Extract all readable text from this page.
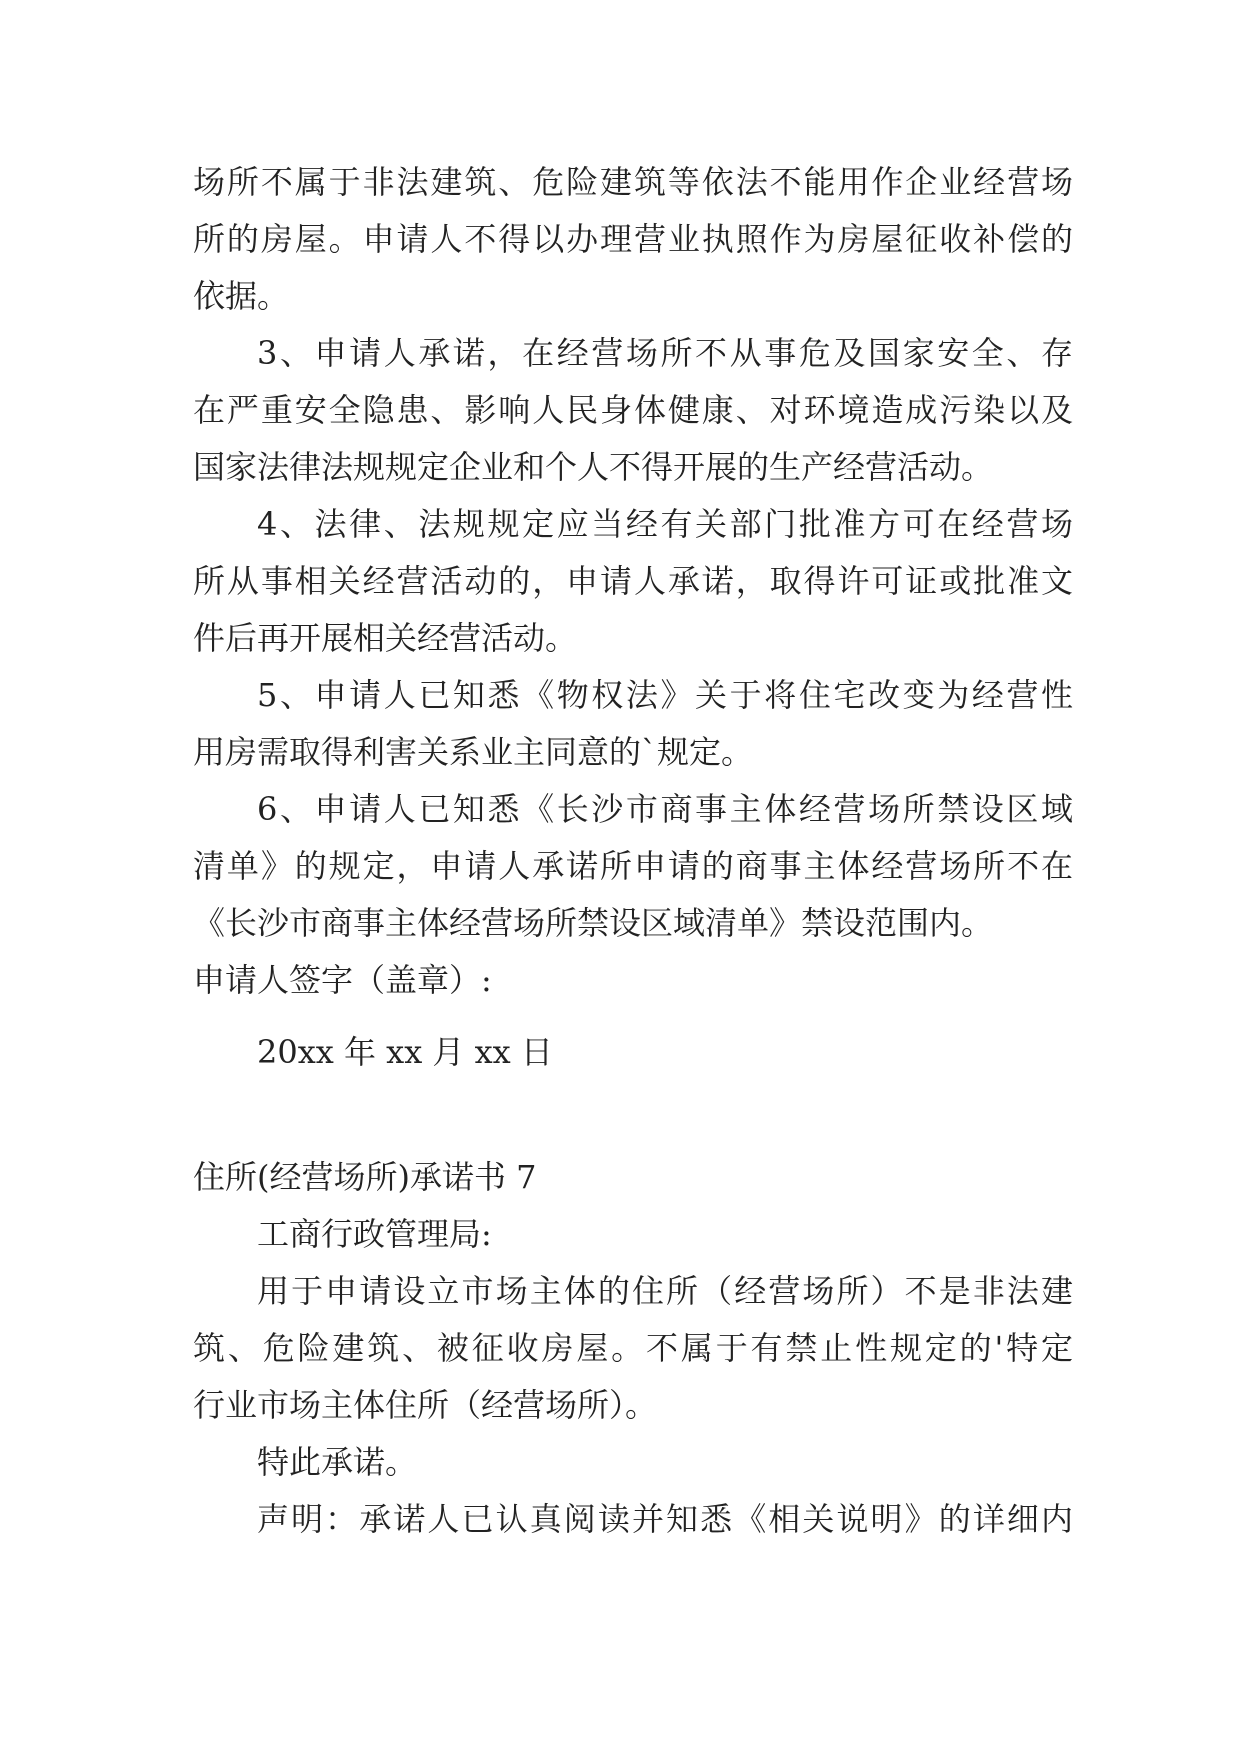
场所不属于非法建筑、危险建筑等依法不能用作企业经营场
所的房屋。申请人不得以办理营业执照作为房屋征收补偿的
依据。
3、申请人承诺，在经营场所不从事危及国家安全、存
在严重安全隐患、影响人民身体健康、对环境造成污染以及
国家法律法规规定企业和个人不得开展的生产经营活动。
4、法律、法规规定应当经有关部门批准方可在经营场
所从事相关经营活动的，申请人承诺，取得许可证或批准文
件后再开展相关经营活动。
5、申请人已知悉《物权法》关于将住宅改变为经营性
用房需取得利害关系业主同意的`规定。
6、申请人已知悉《长沙市商事主体经营场所禁设区域
清单》的规定，申请人承诺所申请的商事主体经营场所不在
《长沙市商事主体经营场所禁设区域清单》禁设范围内。
申请人签字（盖章）:
20xx 年 xx 月 xx 日
住所(经营场所)承诺书 7
工商行政管理局:
用于申请设立市场主体的住所（经营场所）不是非法建
筑、危险建筑、被征收房屋。不属于有禁止性规定的'特定
行业市场主体住所（经营场所）。
特此承诺。
声明：承诺人已认真阅读并知悉《相关说明》的详细内
